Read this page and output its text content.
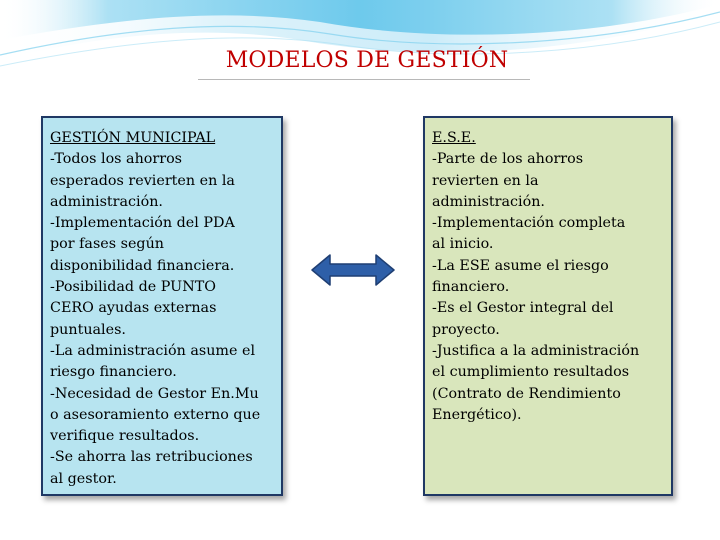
MODELOS DE GESTIÓN
GESTIÓN MUNICIPAL
-Todos los ahorros
esperados revierten en la
administración.
-Implementación del PDA
por fases según
disponibilidad financiera.
-Posibilidad de PUNTO
CERO ayudas externas
puntuales.
-La administración asume el
riesgo financiero.
-Necesidad de Gestor En.Mu
o asesoramiento externo que
verifique resultados.
-Se ahorra las retribuciones
al gestor.
E.S.E.
-Parte de los ahorros
revierten en la
administración.
-Implementación completa
al inicio.
-La ESE asume el riesgo
financiero.
-Es el Gestor integral del
proyecto.
-Justifica a la administración
el cumplimiento resultados
(Contrato de Rendimiento
Energético).
